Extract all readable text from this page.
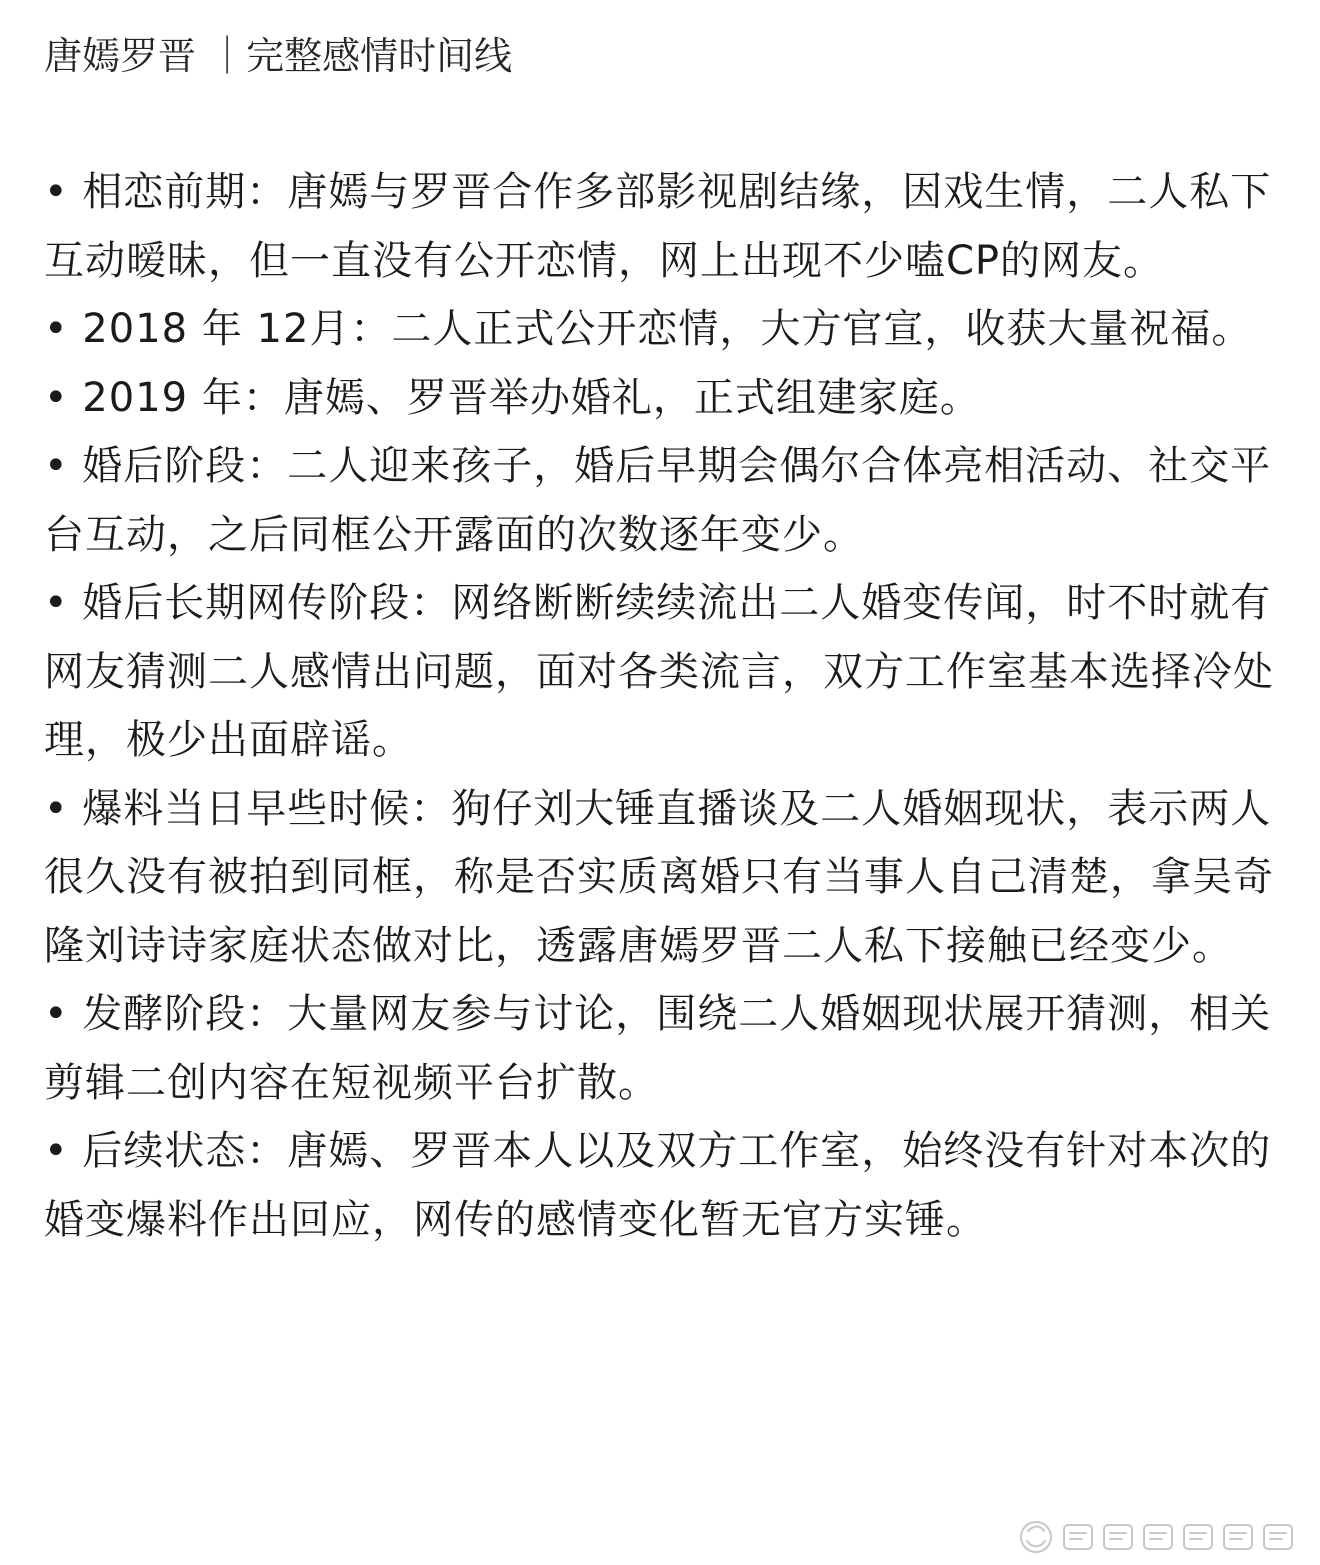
唐嫣罗晋 ｜完整感情时间线

• 相恋前期：唐嫣与罗晋合作多部影视剧结缘，因戏生情，二人私下互动暧昧，但一直没有公开恋情，网上出现不少嗑CP的网友。

• 2018 年 12月：二人正式公开恋情，大方官宣，收获大量祝福。

• 2019 年：唐嫣、罗晋举办婚礼，正式组建家庭。

• 婚后阶段：二人迎来孩子，婚后早期会偶尔合体亮相活动、社交平台互动，之后同框公开露面的次数逐年变少。

• 婚后长期网传阶段：网络断断续续流出二人婚变传闻，时不时就有网友猜测二人感情出问题，面对各类流言，双方工作室基本选择冷处理，极少出面辟谣。

• 爆料当日早些时候：狗仔刘大锤直播谈及二人婚姻现状，表示两人很久没有被拍到同框，称是否实质离婚只有当事人自己清楚，拿吴奇隆刘诗诗家庭状态做对比，透露唐嫣罗晋二人私下接触已经变少。

• 发酵阶段：大量网友参与讨论，围绕二人婚姻现状展开猜测，相关剪辑二创内容在短视频平台扩散。

• 后续状态：唐嫣、罗晋本人以及双方工作室，始终没有针对本次的婚变爆料作出回应，网传的感情变化暂无官方实锤。
